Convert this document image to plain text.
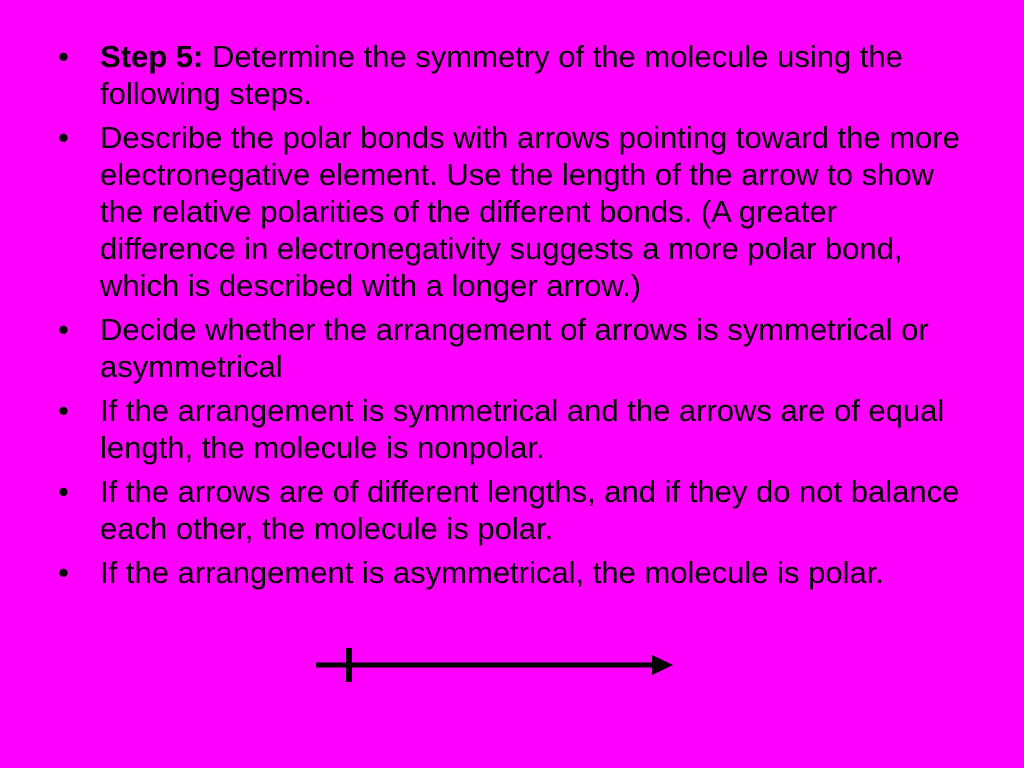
• Step 5: Determine the symmetry of the molecule using the following steps.
• Describe the polar bonds with arrows pointing toward the more electronegative element. Use the length of the arrow to show the relative polarities of the different bonds. (A greater difference in electronegativity suggests a more polar bond, which is described with a longer arrow.)
• Decide whether the arrangement of arrows is symmetrical or asymmetrical
• If the arrangement is symmetrical and the arrows are of equal length, the molecule is nonpolar.
• If the arrows are of different lengths, and if they do not balance each other, the molecule is polar.
• If the arrangement is asymmetrical, the molecule is polar.
